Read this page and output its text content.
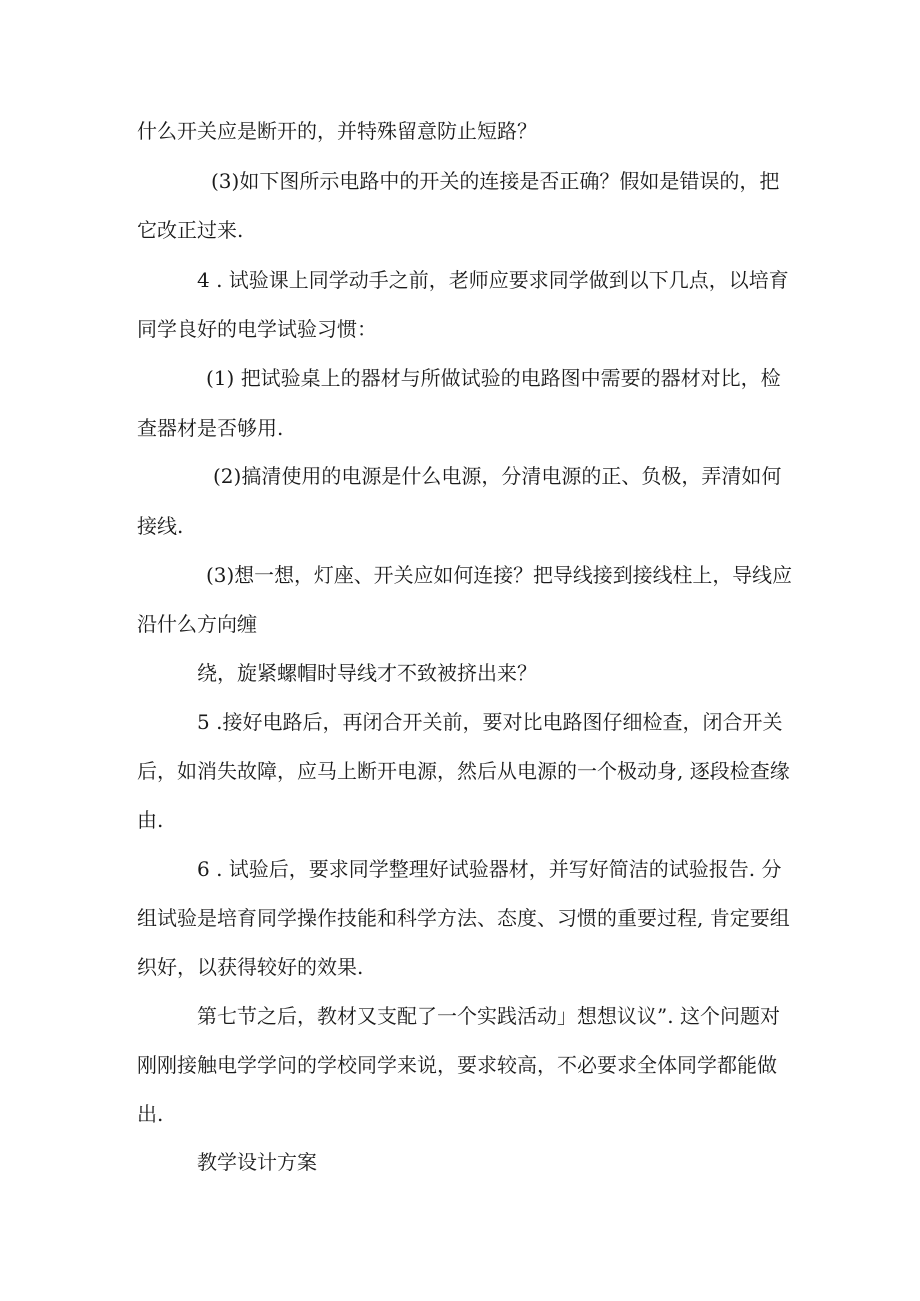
什么开关应是断开的，并特殊留意防止短路？
(3)如下图所示电路中的开关的连接是否正确？假如是错误的，把
它改正过来.
4 . 试验课上同学动手之前，老师应要求同学做到以下几点，以培育
同学良好的电学试验习惯：
(1) 把试验桌上的器材与所做试验的电路图中需要的器材对比，检
查器材是否够用.
(2)搞清使用的电源是什么电源，分清电源的正、负极，弄清如何
接线.
(3)想一想，灯座、开关应如何连接？把导线接到接线柱上，导线应
沿什么方向缠
绕，旋紧螺帽时导线才不致被挤出来？
5 .接好电路后，再闭合开关前，要对比电路图仔细检查，闭合开关
后，如消失故障，应马上断开电源，然后从电源的一个极动身, 逐段检查缘
由.
6 . 试验后，要求同学整理好试验器材，并写好简洁的试验报告. 分
组试验是培育同学操作技能和科学方法、态度、习惯的重要过程, 肯定要组
织好，以获得较好的效果.
第七节之后，教材又支配了一个实践活动」想想议议”. 这个问题对
刚刚接触电学学问的学校同学来说，要求较高，不必要求全体同学都能做
出.
教学设计方案
